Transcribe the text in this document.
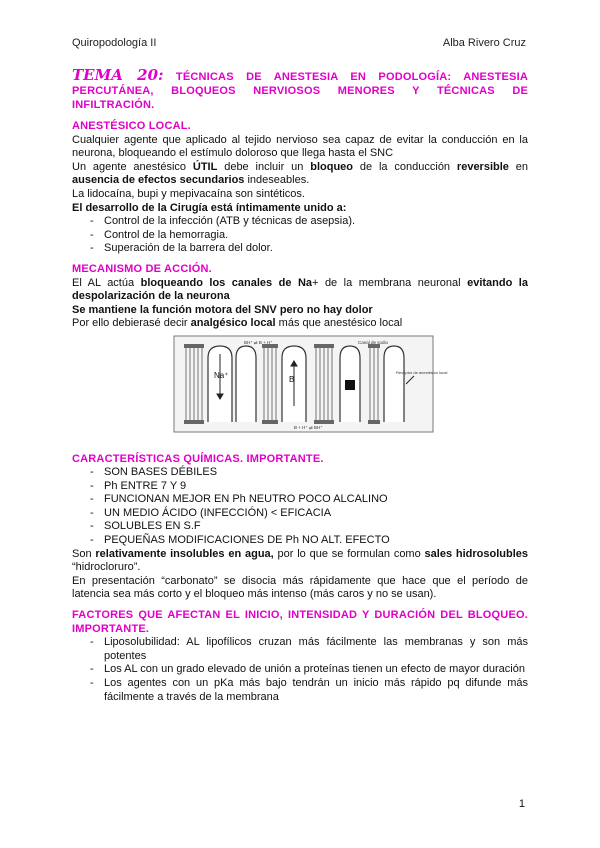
Quiropodología II	Alba Rivero Cruz

TEMA 20: TÉCNICAS DE ANESTESIA EN PODOLOGÍA: ANESTESIA PERCUTÁNEA, BLOQUEOS NERVIOSOS MENORES Y TÉCNICAS DE INFILTRACIÓN.

ANESTÉSICO LOCAL.

Cualquier agente que aplicado al tejido nervioso sea capaz de evitar la conducción en la neurona, bloqueando el estímulo doloroso que llega hasta el SNC

Un agente anestésico ÚTIL debe incluir un bloqueo de la conducción reversible en ausencia de efectos secundarios indeseables.

La lidocaína, bupi y mepivacaína son sintéticos.

El desarrollo de la Cirugía está íntimamente unido a:

- Control de la infección (ATB y técnicas de asepsia).
- Control de la hemorragia.
- Superación de la barrera del dolor.

MECANISMO DE ACCIÓN.

El AL actúa bloqueando los canales de Na+ de la membrana neuronal evitando la despolarización de la neurona

Se mantiene la función motora del SNV pero no hay dolor

Por ello debierasé decir analgésico local más que anestésico local

Na⁺	B
BH⁺ ⇌ B + H⁺
B + H⁺ ⇌ BH⁺
Canal de sodio
Receptor de anestésico local

CARACTERÍSTICAS QUÍMICAS. IMPORTANTE.

- SON BASES DÉBILES
- Ph ENTRE 7 Y 9
- FUNCIONAN MEJOR EN Ph NEUTRO POCO ALCALINO
- UN MEDIO ÁCIDO (INFECCIÓN) < EFICACIA
- SOLUBLES EN S.F
- PEQUEÑAS MODIFICACIONES DE Ph NO ALT. EFECTO

Son relativamente insolubles en agua, por lo que se formulan como sales hidrosolubles “hidrocloruro”.

En presentación “carbonato” se disocia más rápidamente que hace que el período de latencia sea más corto y el bloqueo más intenso (más caros y no se usan).

FACTORES QUE AFECTAN EL INICIO, INTENSIDAD Y DURACIÓN DEL BLOQUEO. IMPORTANTE.

- Liposolubilidad: AL lipofílicos cruzan más fácilmente las membranas y son más potentes
- Los AL con un grado elevado de unión a proteínas tienen un efecto de mayor duración
- Los agentes con un pKa más bajo tendrán un inicio más rápido pq difunde más fácilmente a través de la membrana
1
